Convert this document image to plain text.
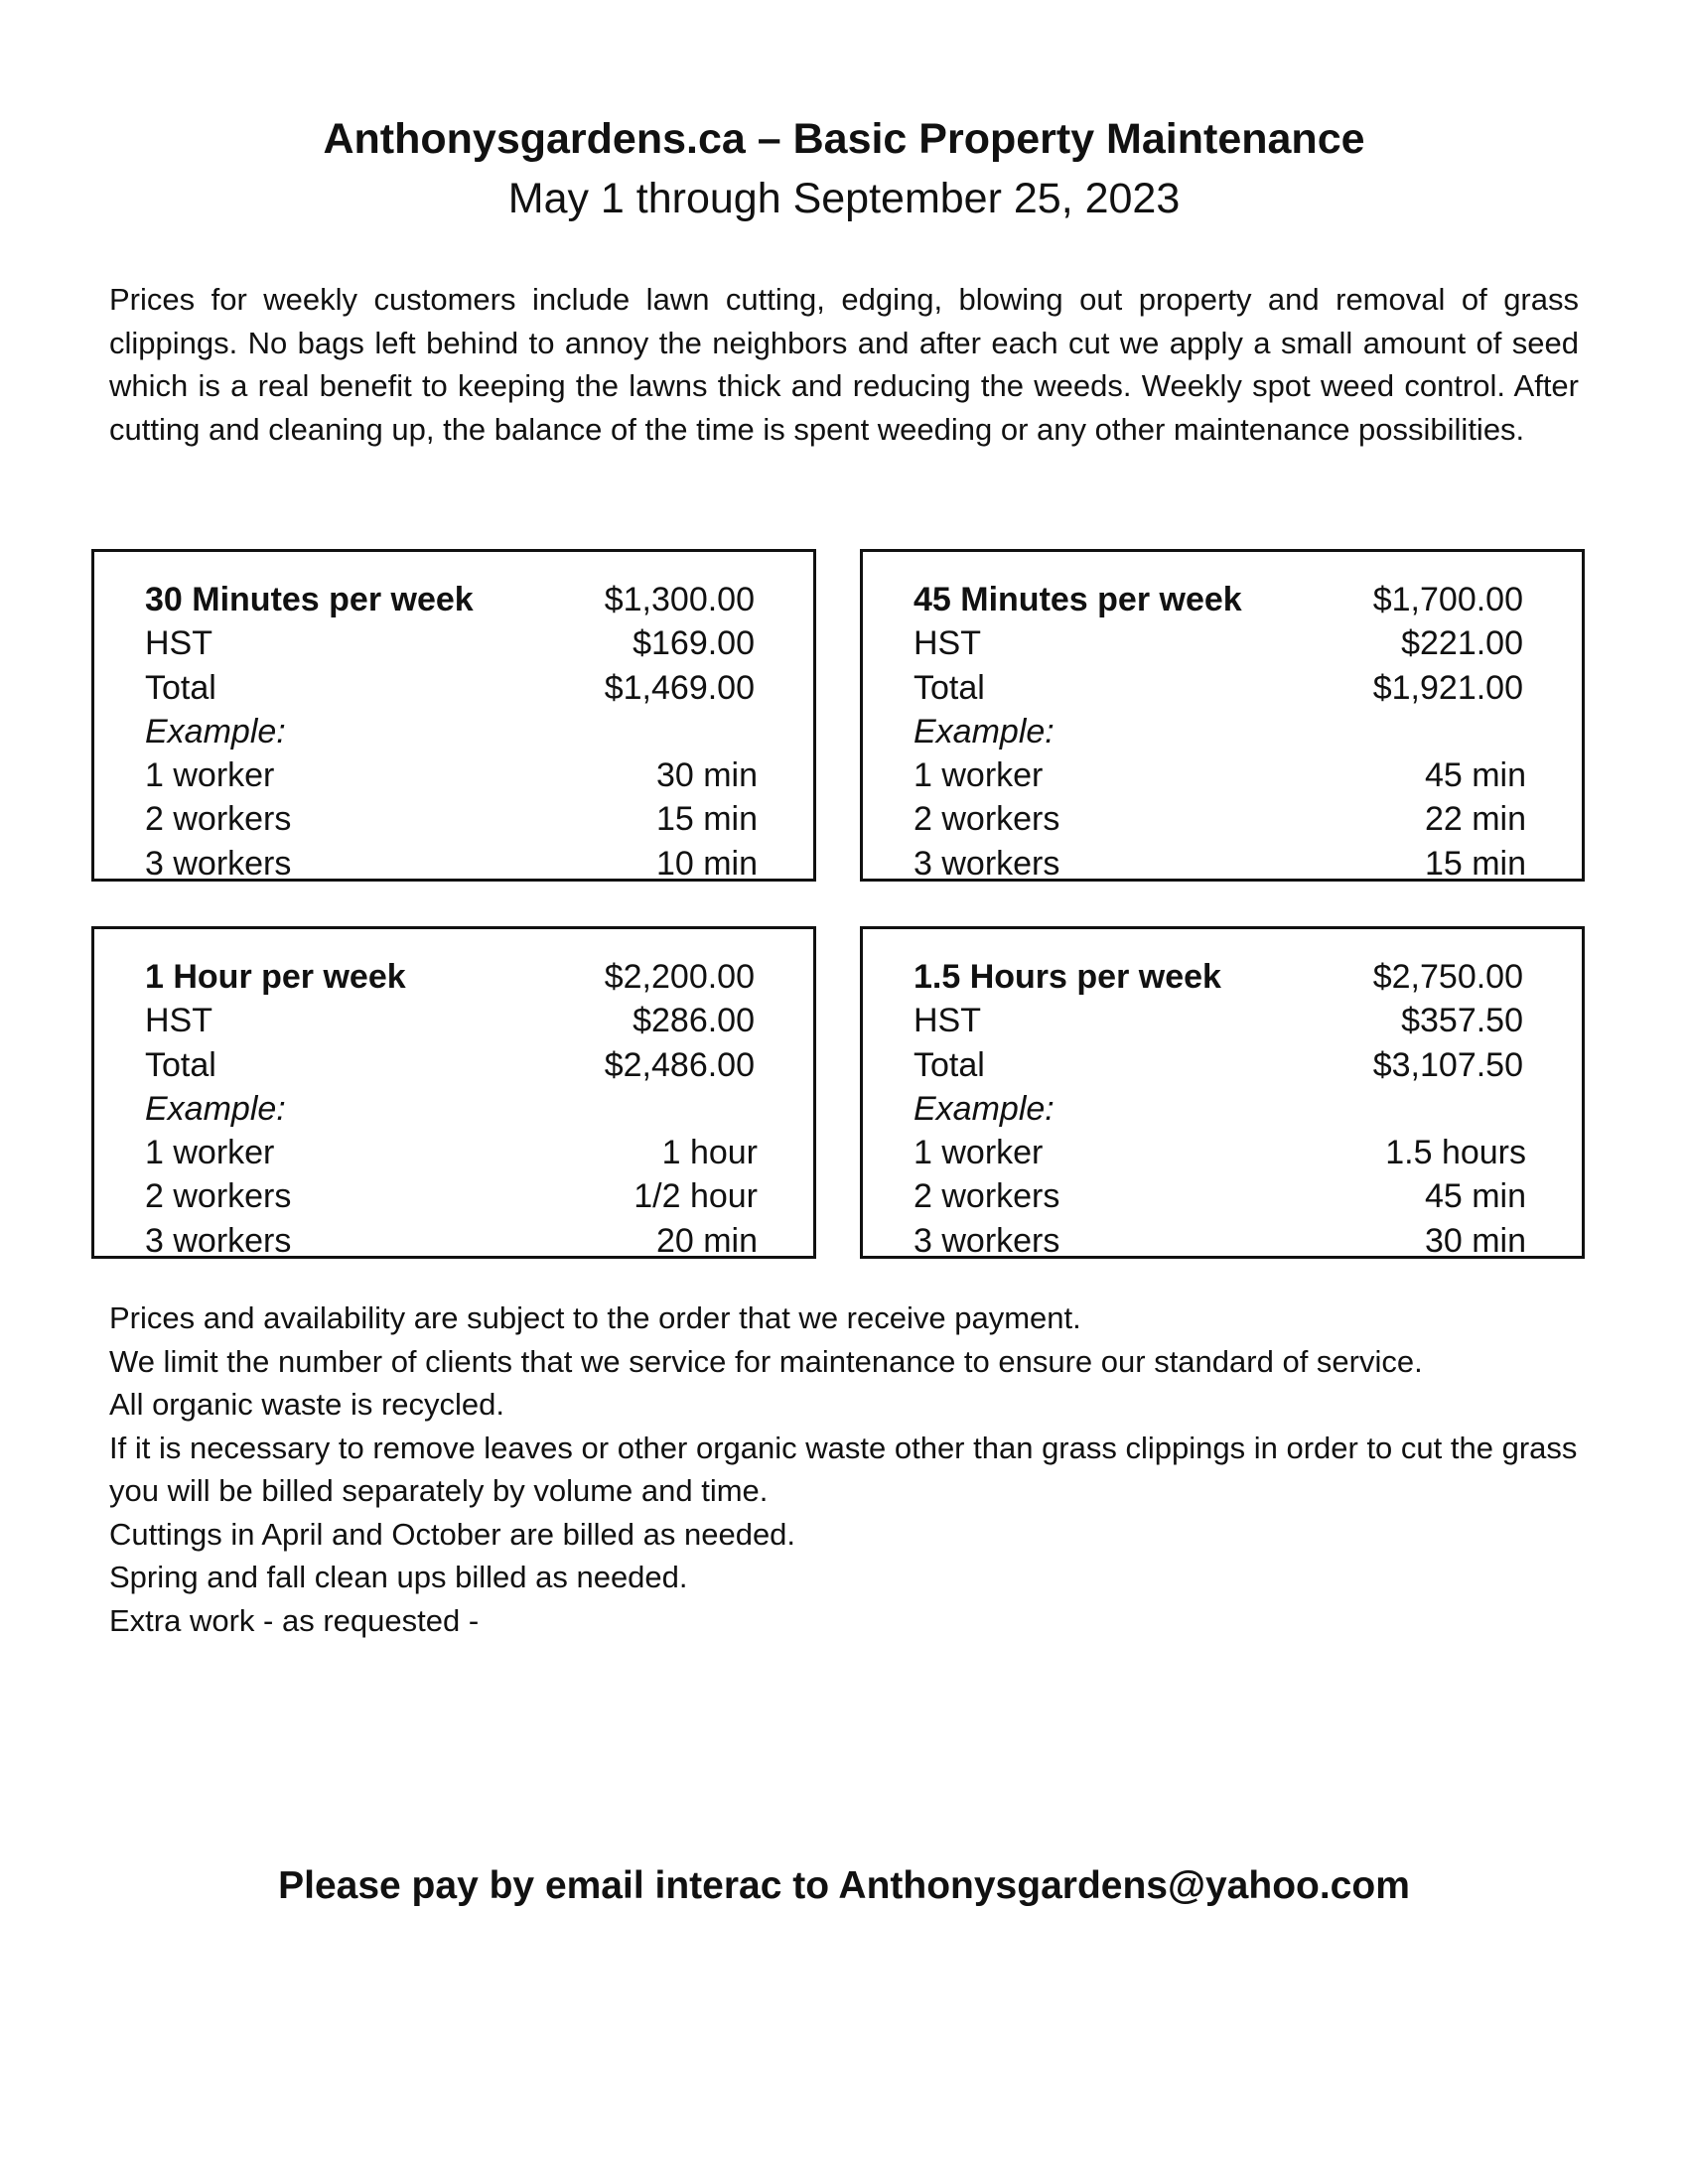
Anthonysgardens.ca – Basic Property Maintenance
May 1 through September 25, 2023
Prices for weekly customers include lawn cutting, edging, blowing out property and removal of grass clippings. No bags left behind to annoy the neighbors and after each cut we apply a small amount of seed which is a real benefit to keeping the lawns thick and reducing the weeds. Weekly spot weed control. After cutting and cleaning up, the balance of the time is spent weeding or any other maintenance possibilities.
30 Minutes per week	$1,300.00
HST	$169.00
Total	$1,469.00
Example:
1 worker	30 min
2 workers	15 min
3 workers	10 min
45 Minutes per week	$1,700.00
HST	$221.00
Total	$1,921.00
Example:
1 worker	45 min
2 workers	22 min
3 workers	15 min
1 Hour per week	$2,200.00
HST	$286.00
Total	$2,486.00
Example:
1 worker	1 hour
2 workers	1/2 hour
3 workers	20 min
1.5 Hours per week	$2,750.00
HST	$357.50
Total	$3,107.50
Example:
1 worker	1.5 hours
2 workers	45 min
3 workers	30 min

Prices and availability are subject to the order that we receive payment.

We limit the number of clients that we service for maintenance to ensure our standard of service.

All organic waste is recycled.

If it is necessary to remove leaves or other organic waste other than grass clippings in order to cut the grass you will be billed separately by volume and time.

Cuttings in April and October are billed as needed.

Spring and fall clean ups billed as needed.

Extra work - as requested -

Please pay by email interac to Anthonysgardens@yahoo.com
